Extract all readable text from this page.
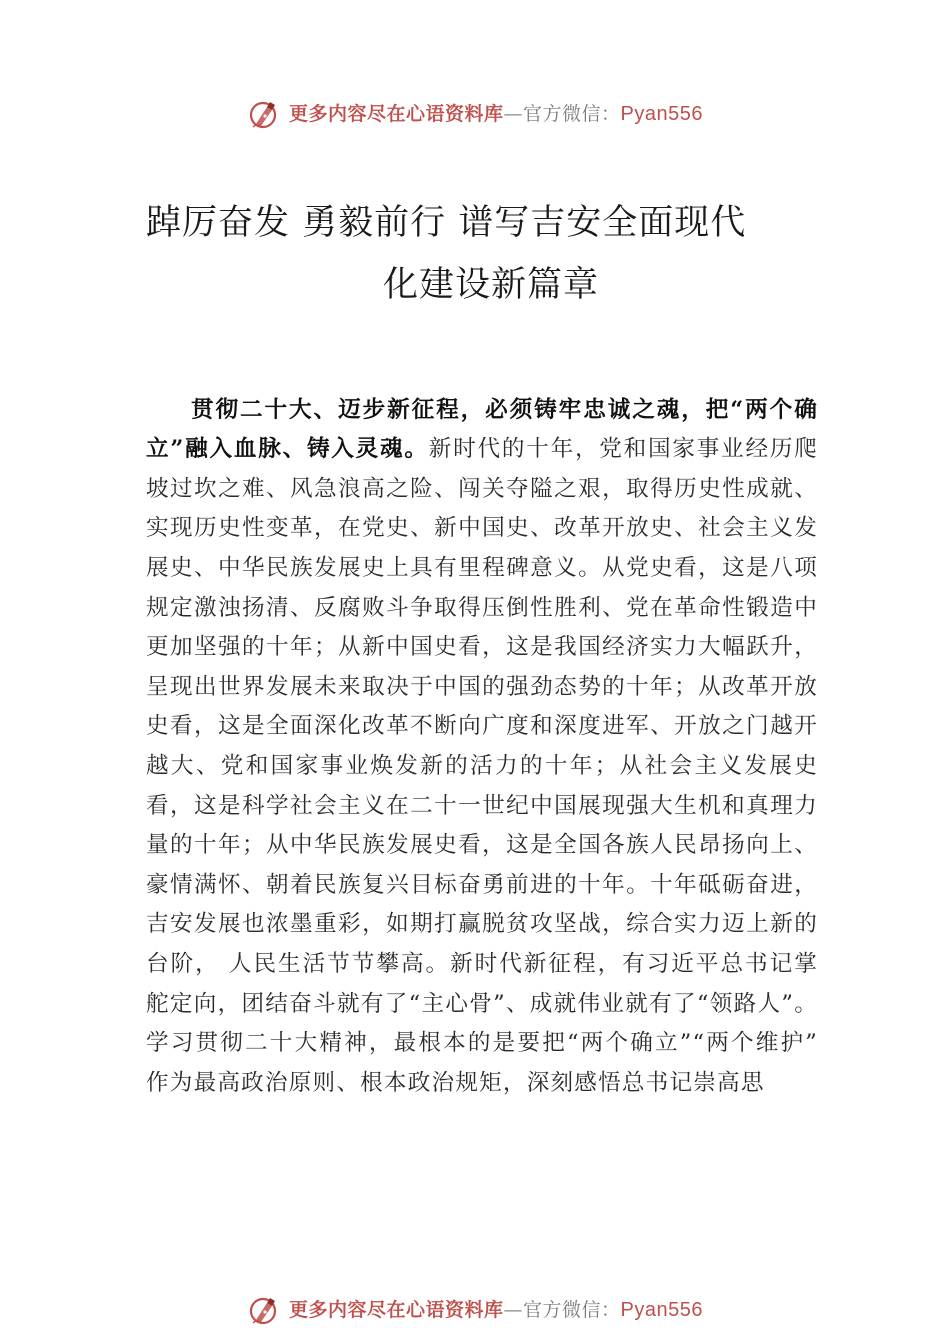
更多内容尽在心语资料库—官方微信：Pyan556
踔厉奋发 勇毅前行 谱写吉安全面现代
化建设新篇章

贯彻二十大、迈步新征程，必须铸牢忠诚之魂，把“两个确立”融入血脉、铸入灵魂。新时代的十年，党和国家事业经历爬坡过坎之难、风急浪高之险、闯关夺隘之艰，取得历史性成就、实现历史性变革，在党史、新中国史、改革开放史、社会主义发展史、中华民族发展史上具有里程碑意义。从党史看，这是八项规定激浊扬清、反腐败斗争取得压倒性胜利、党在革命性锻造中更加坚强的十年；从新中国史看，这是我国经济实力大幅跃升，呈现出世界发展未来取决于中国的强劲态势的十年；从改革开放史看，这是全面深化改革不断向广度和深度进军、开放之门越开越大、党和国家事业焕发新的活力的十年；从社会主义发展史看，这是科学社会主义在二十一世纪中国展现强大生机和真理力量的十年；从中华民族发展史看，这是全国各族人民昂扬向上、豪情满怀、朝着民族复兴目标奋勇前进的十年。十年砥砺奋进，吉安发展也浓墨重彩，如期打赢脱贫攻坚战，综合实力迈上新的台阶， 人民生活节节攀高。新时代新征程，有习近平总书记掌舵定向，团结奋斗就有了“主心骨”、成就伟业就有了“领路人”。学习贯彻二十大精神，最根本的是要把“两个确立”“两个维护” 作为最高政治原则、根本政治规矩，深刻感悟总书记崇高思

更多内容尽在心语资料库—官方微信：Pyan556
